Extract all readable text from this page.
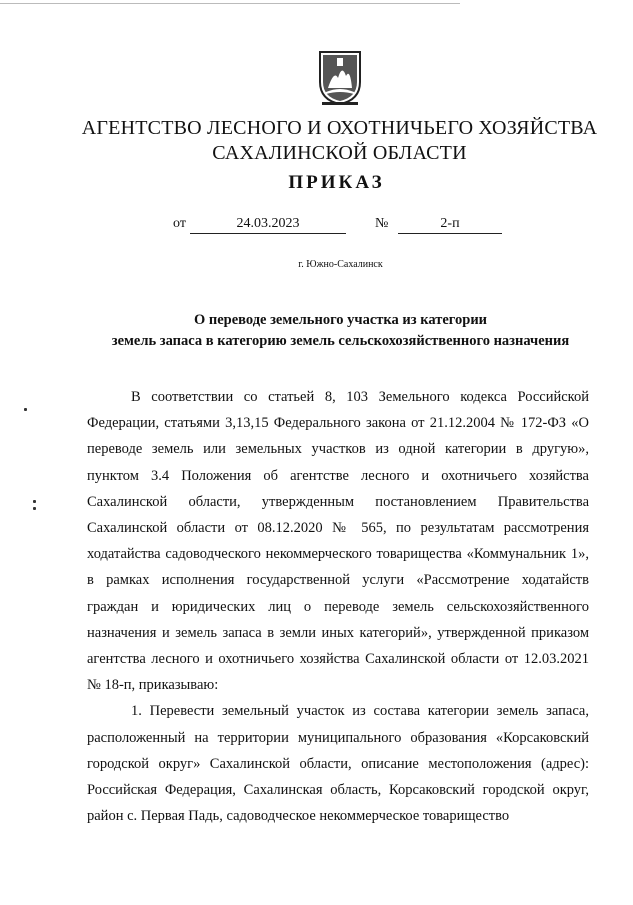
АГЕНТСТВО ЛЕСНОГО И ОХОТНИЧЬЕГО ХОЗЯЙСТВА
САХАЛИНСКОЙ ОБЛАСТИ
ПРИКАЗ
от	24.03.2023	№	2-п
г. Южно-Сахалинск
О переводе земельного участка из категории
земель запаса в категорию земель сельскохозяйственного назначения

В соответствии со статьей 8, 103 Земельного кодекса Российской Федерации, статьями 3,13,15 Федерального закона от 21.12.2004 № 172-ФЗ «О переводе земель или земельных участков из одной категории в другую», пунктом 3.4 Положения об агентстве лесного и охотничьего хозяйства Сахалинской области, утвержденным постановлением Правительства Сахалинской области от 08.12.2020 № 565, по результатам рассмотрения ходатайства садоводческого некоммерческого товарищества «Коммунальник 1», в рамках исполнения государственной услуги «Рассмотрение ходатайств граждан и юридических лиц о переводе земель сельскохозяйственного назначения и земель запаса в земли иных категорий», утвержденной приказом агентства лесного и охотничьего хозяйства Сахалинской области от 12.03.2021 № 18-п, приказываю:

1. Перевести земельный участок из состава категории земель запаса, расположенный на территории муниципального образования «Корсаковский городской округ» Сахалинской области, описание местоположения (адрес): Российская Федерация, Сахалинская область, Корсаковский городской округ, район с. Первая Падь, садоводческое некоммерческое товарищество
